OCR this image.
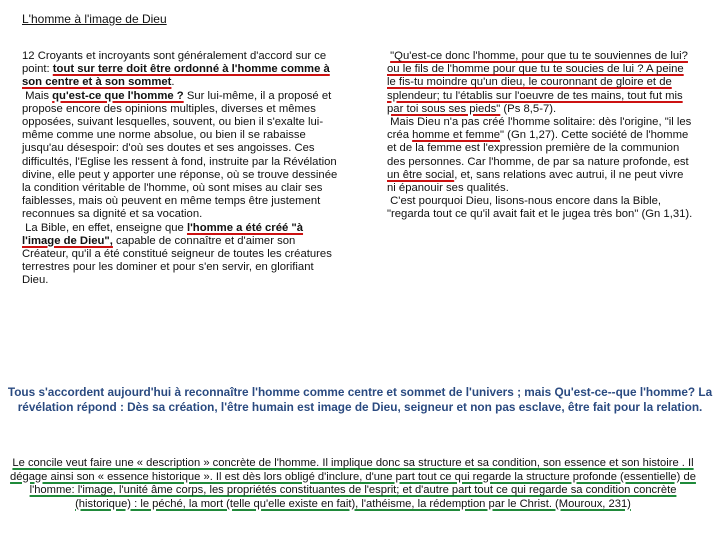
L'homme à l'image de Dieu

12 Croyants et incroyants sont généralement d'accord sur ce point: tout sur terre doit être ordonné à l'homme comme à son centre et à son sommet.

Mais qu'est-ce que l'homme ? Sur lui-même, il a proposé et propose encore des opinions multiples, diverses et mêmes opposées, suivant lesquelles, souvent, ou bien il s'exalte lui-même comme une norme absolue, ou bien il se rabaisse jusqu'au désespoir: d'où ses doutes et ses angoisses. Ces difficultés, l'Eglise les ressent à fond, instruite par la Révélation divine, elle peut y apporter une réponse, où se trouve dessinée la condition véritable de l'homme, où sont mises au clair ses faiblesses, mais où peuvent en même temps être justement reconnues sa dignité et sa vocation.

La Bible, en effet, enseigne que l'homme a été créé "à l'image de Dieu", capable de connaître et d'aimer son Créateur, qu'il a été constitué seigneur de toutes les créatures terrestres pour les dominer et pour s'en servir, en glorifiant Dieu.

"Qu'est-ce donc l'homme, pour que tu te souviennes de lui? ou le fils de l'homme pour que tu te soucies de lui ? A peine le fis-tu moindre qu'un dieu, le couronnant de gloire et de splendeur; tu l'établis sur l'oeuvre de tes mains, tout fut mis par toi sous ses pieds" (Ps 8,5-7).

Mais Dieu n'a pas créé l'homme solitaire: dès l'origine, "il les créa homme et femme" (Gn 1,27). Cette société de l'homme et de la femme est l'expression première de la communion des personnes. Car l'homme, de par sa nature profonde, est un être social, et, sans relations avec autrui, il ne peut vivre ni épanouir ses qualités.

C'est pourquoi Dieu, lisons-nous encore dans la Bible, "regarda tout ce qu'il avait fait et le jugea très bon" (Gn 1,31).

Tous s'accordent aujourd'hui à reconnaître l'homme comme centre et sommet de l'univers ; mais Qu'est-ce--que l'homme? La révélation répond : Dès sa création, l'être humain est image de Dieu, seigneur et non pas esclave, être fait pour la relation.

Le concile veut faire une « description » concrète de l'homme. Il implique donc sa structure et sa condition, son essence et son histoire . Il dégage ainsi son « essence historique ». Il est dès lors obligé d'inclure, d'une part tout ce qui regarde la structure profonde (essentielle) de l'homme: l'image, l'unité âme corps, les propriétés constituantes de l'esprit; et d'autre part tout ce qui regarde sa condition concrète (historique) : le péché, la mort (telle qu'elle existe en fait), l'athéisme, la rédemption par le Christ. (Mouroux, 231)
